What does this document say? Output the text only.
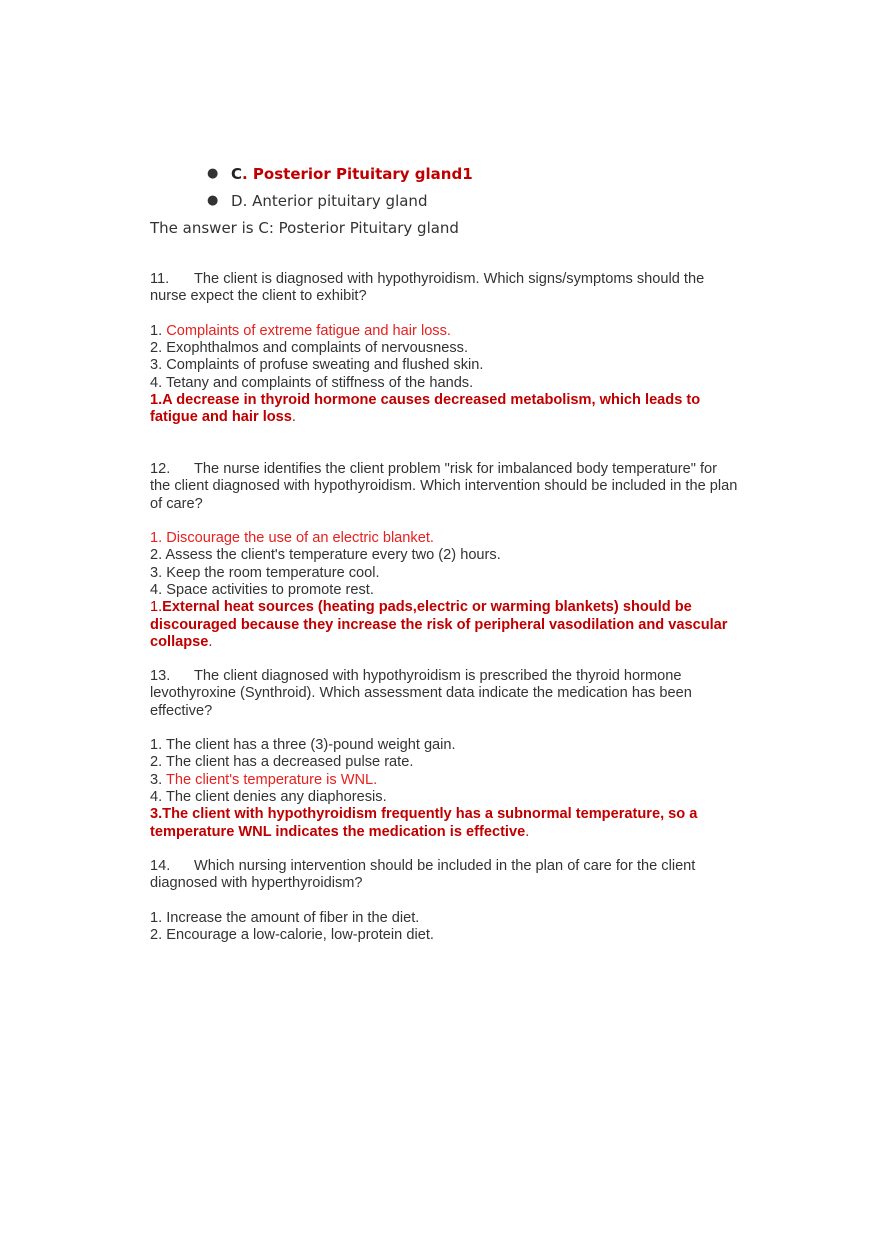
● C. Posterior Pituitary gland1
● D. Anterior pituitary gland
The answer is C: Posterior Pituitary gland

11. The client is diagnosed with hypothyroidism. Which signs/symptoms should the nurse expect the client to exhibit?

1. Complaints of extreme fatigue and hair loss.

2. Exophthalmos and complaints of nervousness.

3. Complaints of profuse sweating and flushed skin.

4. Tetany and complaints of stiffness of the hands.

1.A decrease in thyroid hormone causes decreased metabolism, which leads to fatigue and hair loss.

12. The nurse identifies the client problem "risk for imbalanced body temperature" for the client diagnosed with hypothyroidism. Which intervention should be included in the plan of care?

1. Discourage the use of an electric blanket.

2. Assess the client's temperature every two (2) hours.

3. Keep the room temperature cool.

4. Space activities to promote rest.

1.External heat sources (heating pads,electric or warming blankets) should be discouraged because they increase the risk of peripheral vasodilation and vascular collapse.

13. The client diagnosed with hypothyroidism is prescribed the thyroid hormone levothyroxine (Synthroid). Which assessment data indicate the medication has been effective?

1. The client has a three (3)-pound weight gain.

2. The client has a decreased pulse rate.

3. The client's temperature is WNL.

4. The client denies any diaphoresis.

3.The client with hypothyroidism frequently has a subnormal temperature, so a temperature WNL indicates the medication is effective.

14. Which nursing intervention should be included in the plan of care for the client diagnosed with hyperthyroidism?

1. Increase the amount of fiber in the diet.

2. Encourage a low-calorie, low-protein diet.
